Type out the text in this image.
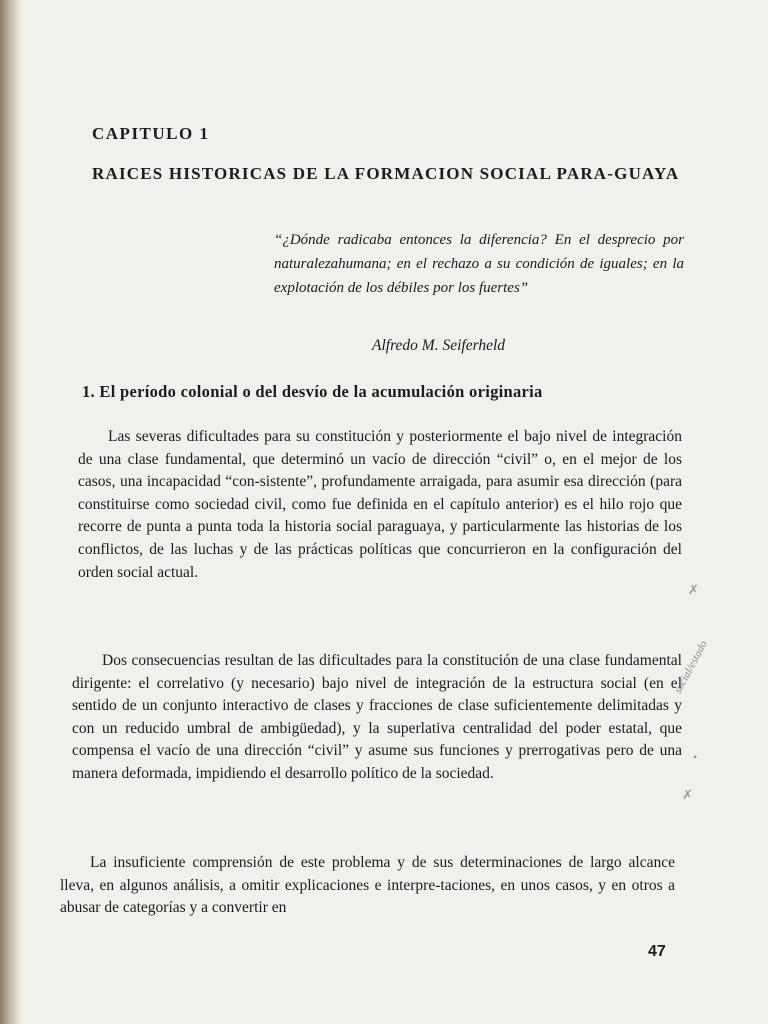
CAPITULO 1
RAICES HISTORICAS DE LA FORMACION SOCIAL PARA-GUAYA

“¿Dónde radicaba entonces la diferencia? En el desprecio por naturalezahumana; en el rechazo a su condición de iguales; en la explotación de los débiles por los fuertes”

Alfredo M. Seiferheld

1. El período colonial o del desvío de la acumulación originaria

Las severas dificultades para su constitución y posteriormente el bajo nivel de integración de una clase fundamental, que determinó un vacío de dirección “civil” o, en el mejor de los casos, una incapacidad “con-sistente”, profundamente arraigada, para asumir esa dirección (para constituirse como sociedad civil, como fue definida en el capítulo anterior) es el hilo rojo que recorre de punta a punta toda la historia social paraguaya, y particularmente las historias de los conflictos, de las luchas y de las prácticas políticas que concurrieron en la configuración del orden social actual.

Dos consecuencias resultan de las dificultades para la constitución de una clase fundamental dirigente: el correlativo (y necesario) bajo nivel de integración de la estructura social (en el sentido de un conjunto interactivo de clases y fracciones de clase suficientemente delimitadas y con un reducido umbral de ambigüedad), y la superlativa centralidad del poder estatal, que compensa el vacío de una dirección “civil” y asume sus funciones y prerrogativas pero de una manera deformada, impidiendo el desarrollo político de la sociedad.

La insuficiente comprensión de este problema y de sus determinaciones de largo alcance lleva, en algunos análisis, a omitir explicaciones e interpre-taciones, en unos casos, y en otros a abusar de categorías y a convertir en

47

social/estado
✗
✗
∙
